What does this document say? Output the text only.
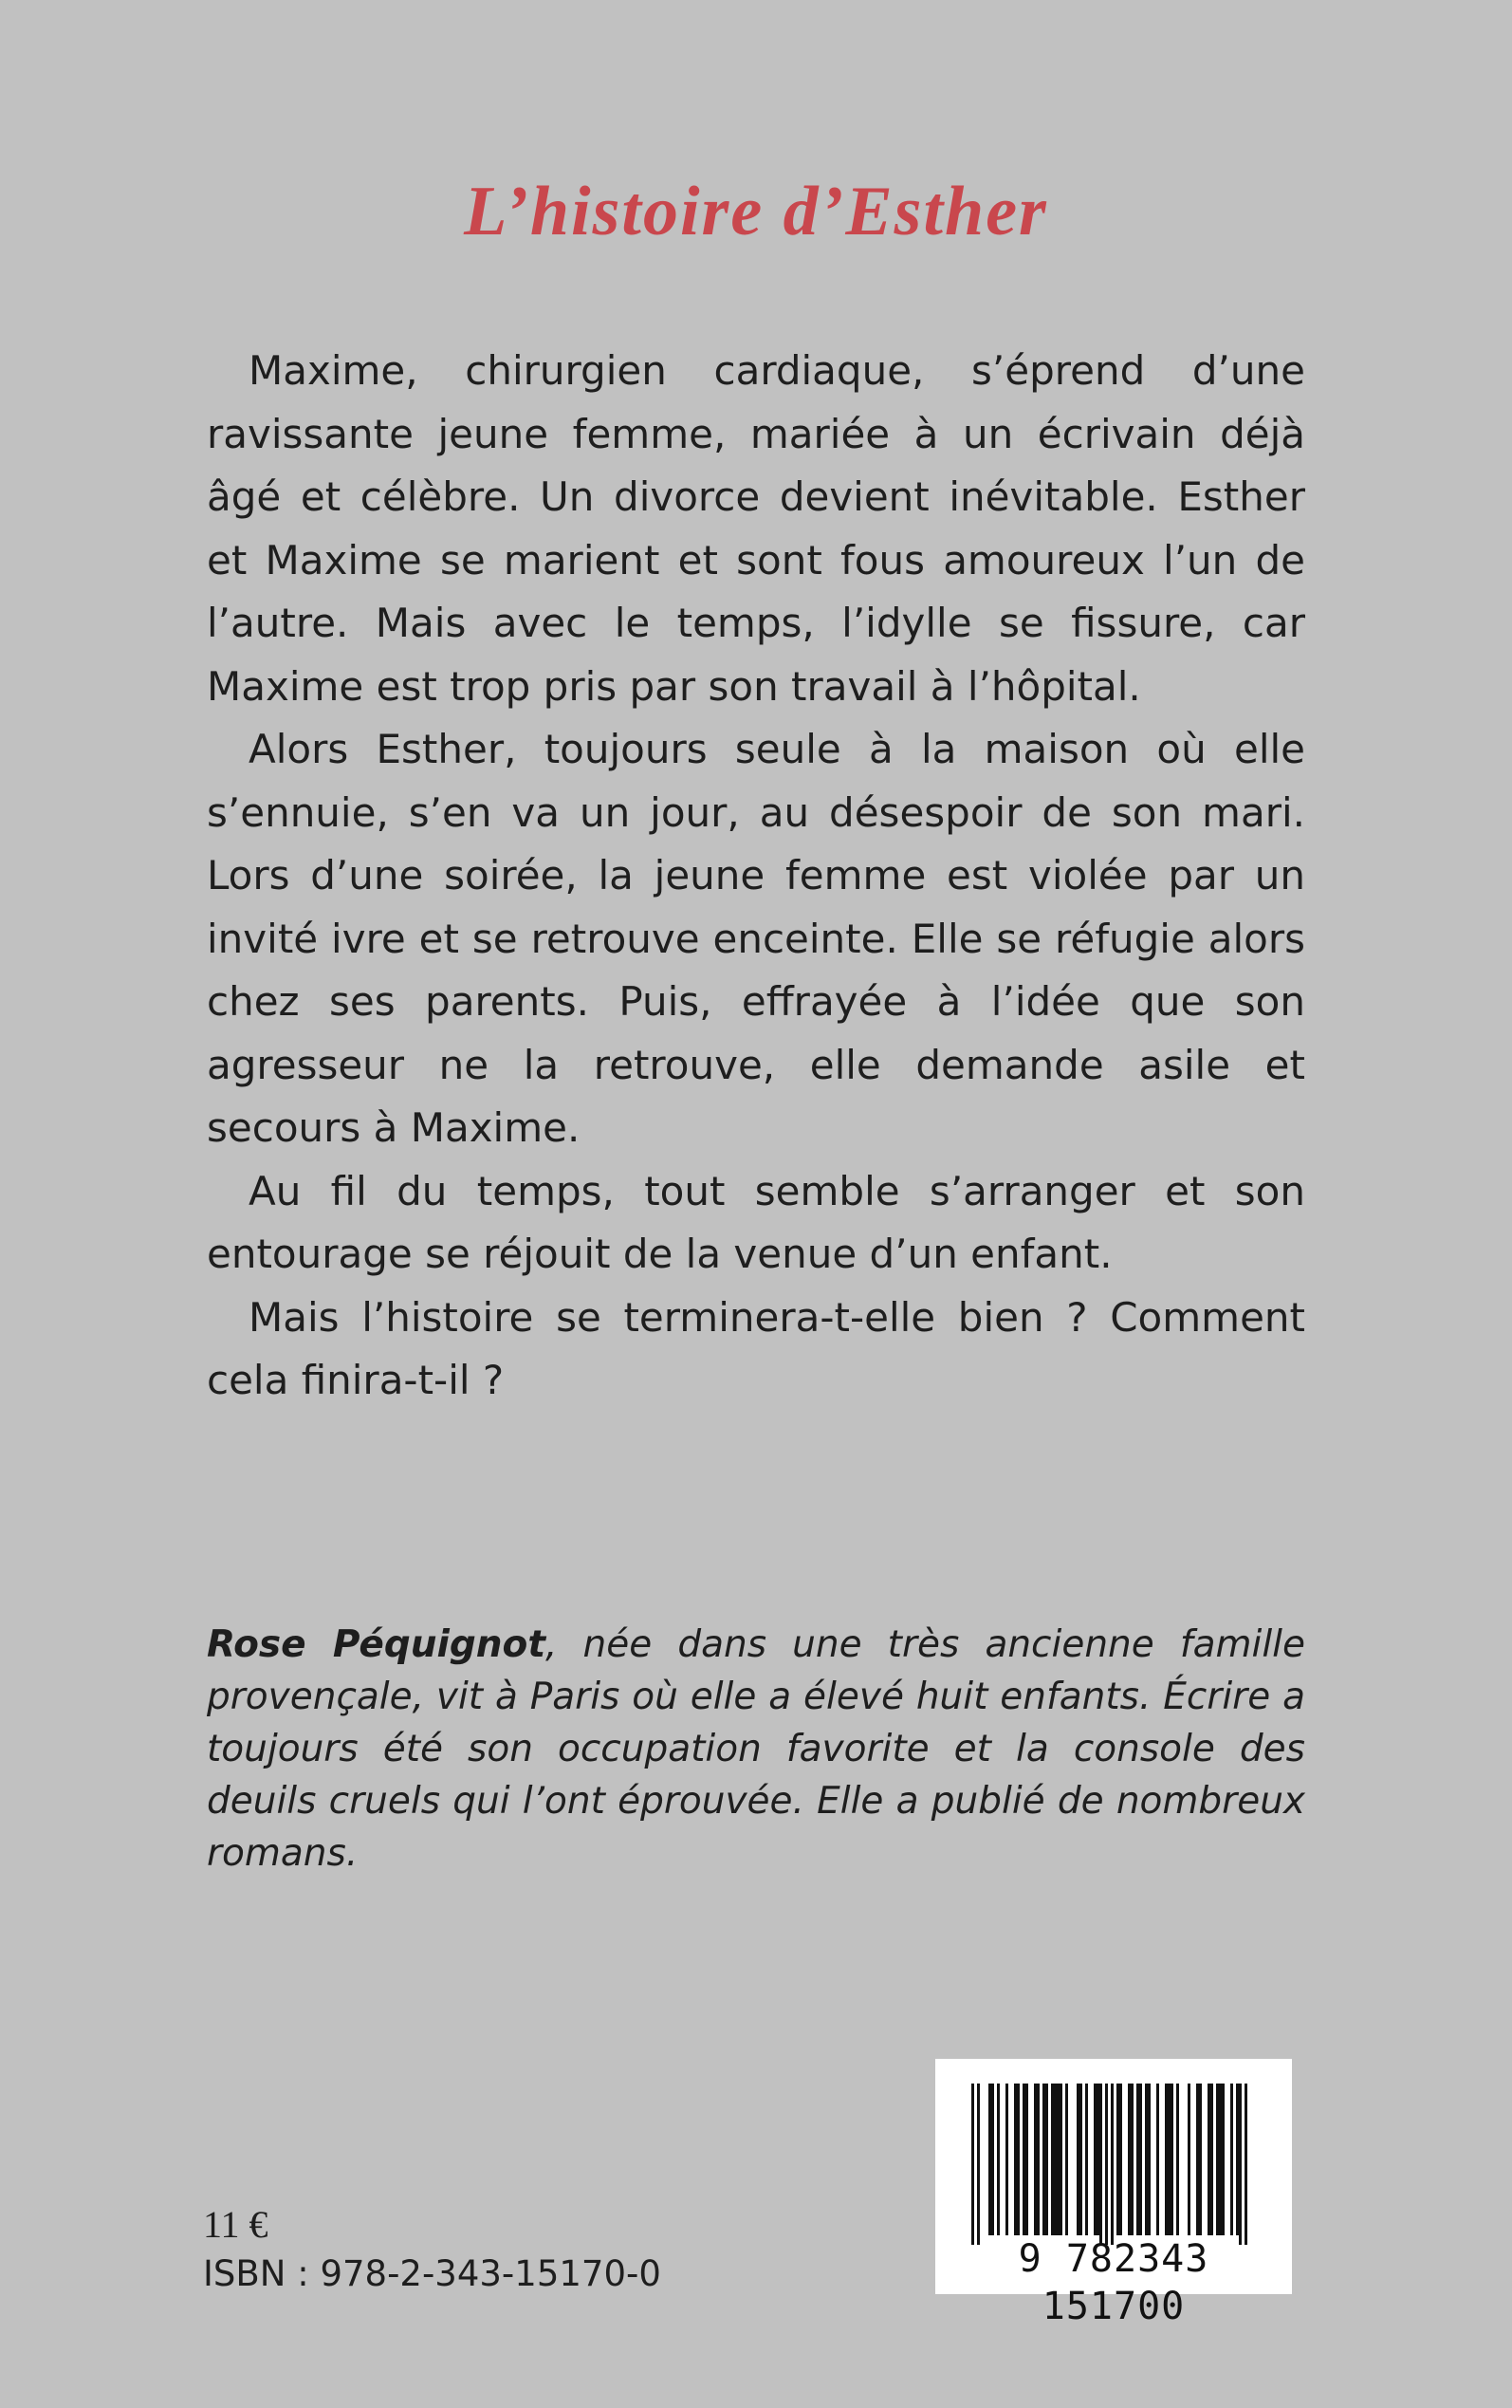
L’histoire d’Esther

Maxime, chirurgien cardiaque, s’éprend d’une ravissante jeune femme, mariée à un écrivain déjà âgé et célèbre. Un divorce devient inévitable. Esther et Maxime se marient et sont fous amoureux l’un de l’autre. Mais avec le temps, l’idylle se fissure, car Maxime est trop pris par son travail à l’hôpital.

Alors Esther, toujours seule à la maison où elle s’ennuie, s’en va un jour, au désespoir de son mari. Lors d’une soirée, la jeune femme est violée par un invité ivre et se retrouve enceinte. Elle se réfugie alors chez ses parents. Puis, effrayée à l’idée que son agresseur ne la retrouve, elle demande asile et secours à Maxime.

Au fil du temps, tout semble s’arranger et son entourage se réjouit de la venue d’un enfant.

Mais l’histoire se terminera-t-elle bien ? Comment cela finira-t-il ?

Rose Péquignot, née dans une très ancienne famille provençale, vit à Paris où elle a élevé huit enfants. Écrire a toujours été son occupation favorite et la console des deuils cruels qui l’ont éprouvée. Elle a publié de nombreux romans.

11 €
ISBN : 978-2-343-15170-0	9 782343 151700
